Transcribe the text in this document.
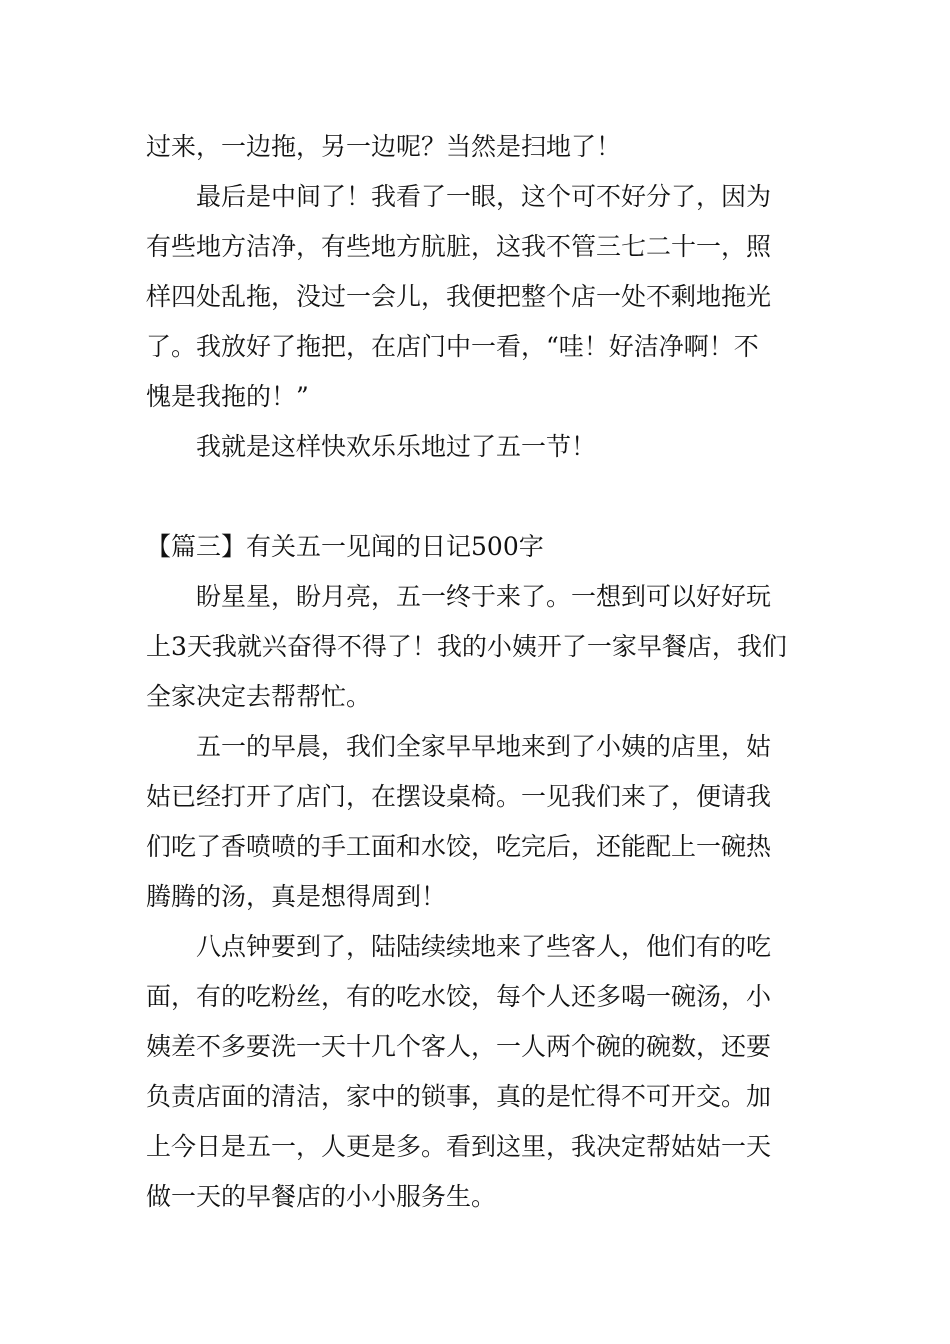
过来，一边拖，另一边呢？当然是扫地了！
最后是中间了！我看了一眼，这个可不好分了，因为
有些地方洁净，有些地方肮脏，这我不管三七二十一，照
样四处乱拖，没过一会儿，我便把整个店一处不剩地拖光
了。我放好了拖把，在店门中一看，“哇！好洁净啊！不
愧是我拖的！”
我就是这样快欢乐乐地过了五一节！
【篇三】有关五一见闻的日记500字
盼星星，盼月亮，五一终于来了。一想到可以好好玩
上3天我就兴奋得不得了！我的小姨开了一家早餐店，我们
全家决定去帮帮忙。
五一的早晨，我们全家早早地来到了小姨的店里，姑
姑已经打开了店门，在摆设桌椅。一见我们来了，便请我
们吃了香喷喷的手工面和水饺，吃完后，还能配上一碗热
腾腾的汤，真是想得周到！
八点钟要到了，陆陆续续地来了些客人，他们有的吃
面，有的吃粉丝，有的吃水饺，每个人还多喝一碗汤，小
姨差不多要洗一天十几个客人，一人两个碗的碗数，还要
负责店面的清洁，家中的锁事，真的是忙得不可开交。加
上今日是五一，人更是多。看到这里，我决定帮姑姑一天
做一天的早餐店的小小服务生。
